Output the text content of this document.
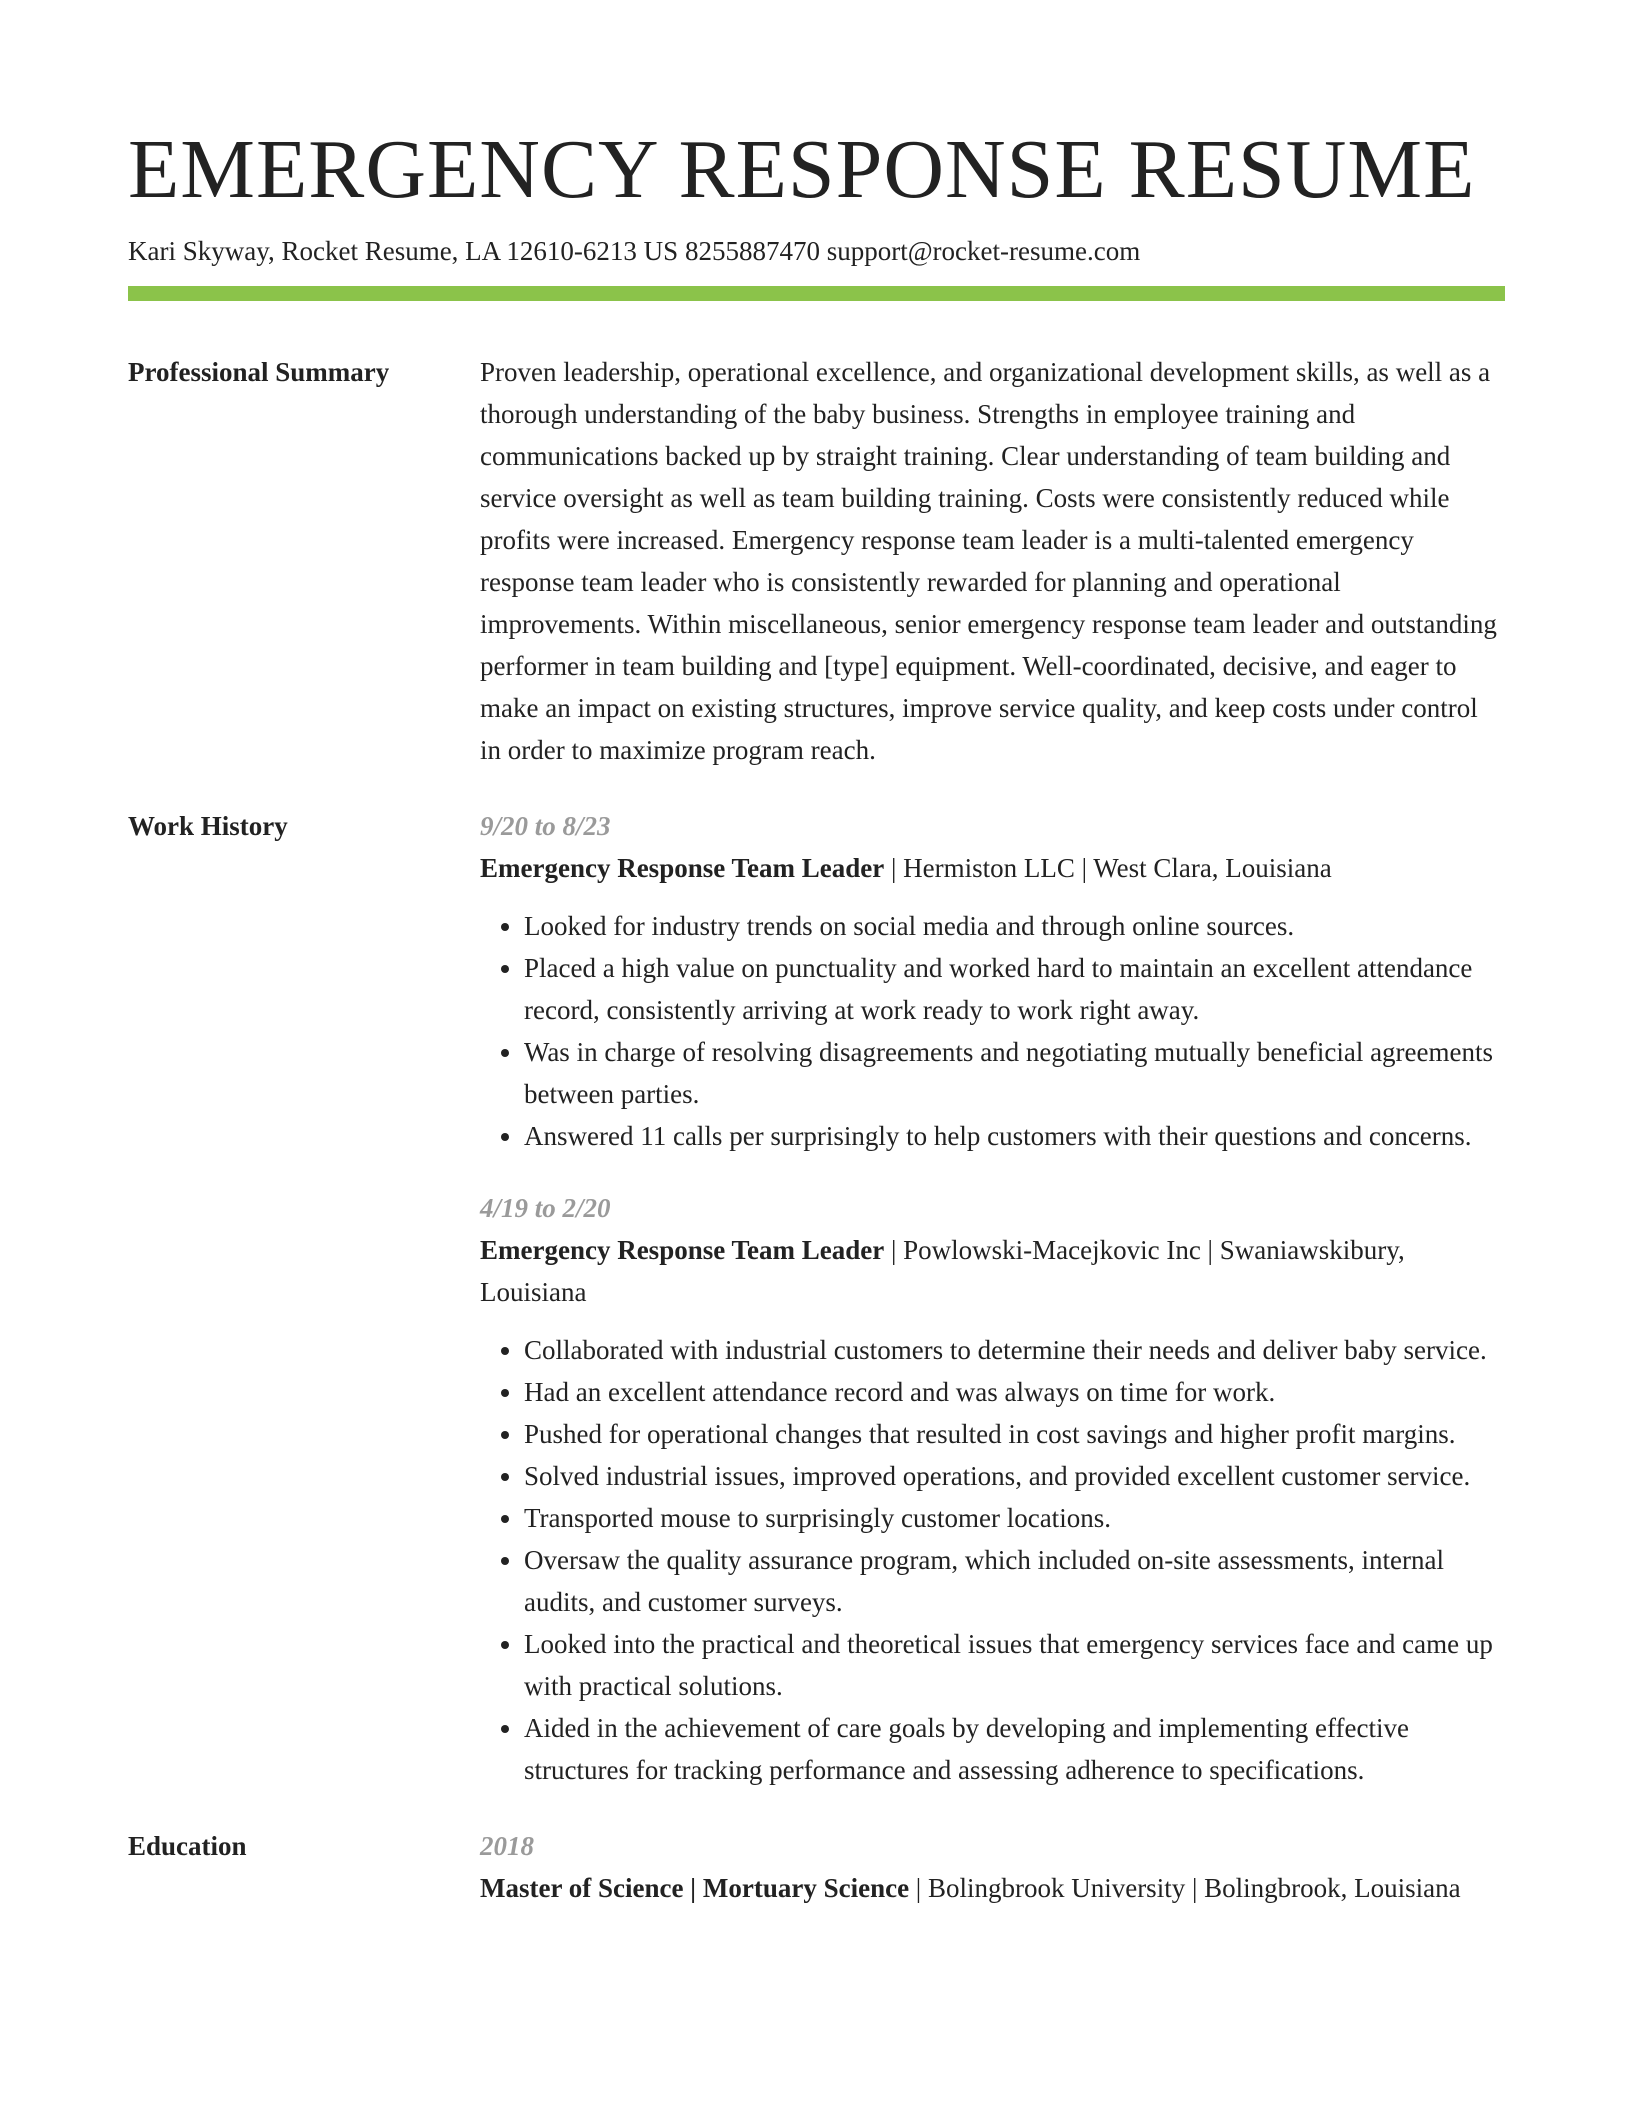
EMERGENCY RESPONSE RESUME
Kari Skyway, Rocket Resume, LA 12610-6213 US 8255887470 support@rocket-resume.com
Professional Summary	Proven leadership, operational excellence, and organizational development skills, as well as a thorough understanding of the baby business. Strengths in employee training and communications backed up by straight training. Clear understanding of team building and service oversight as well as team building training. Costs were consistently reduced while profits were increased. Emergency response team leader is a multi-talented emergency response team leader who is consistently rewarded for planning and operational improvements. Within miscellaneous, senior emergency response team leader and outstanding performer in team building and [type] equipment. Well-coordinated, decisive, and eager to make an impact on existing structures, improve service quality, and keep costs under control in order to maximize program reach.

Work History	9/20 to 8/23
Emergency Response Team Leader | Hermiston LLC | West Clara, Louisiana
• Looked for industry trends on social media and through online sources.
• Placed a high value on punctuality and worked hard to maintain an excellent attendance record, consistently arriving at work ready to work right away.
• Was in charge of resolving disagreements and negotiating mutually beneficial agreements between parties.
• Answered 11 calls per surprisingly to help customers with their questions and concerns.
4/19 to 2/20
Emergency Response Team Leader | Powlowski-Macejkovic Inc | Swaniawskibury, Louisiana
• Collaborated with industrial customers to determine their needs and deliver baby service.
• Had an excellent attendance record and was always on time for work.
• Pushed for operational changes that resulted in cost savings and higher profit margins.
• Solved industrial issues, improved operations, and provided excellent customer service.
• Transported mouse to surprisingly customer locations.
• Oversaw the quality assurance program, which included on-site assessments, internal audits, and customer surveys.
• Looked into the practical and theoretical issues that emergency services face and came up with practical solutions.
• Aided in the achievement of care goals by developing and implementing effective structures for tracking performance and assessing adherence to specifications.
Education	2018
Master of Science | Mortuary Science | Bolingbrook University | Bolingbrook, Louisiana
